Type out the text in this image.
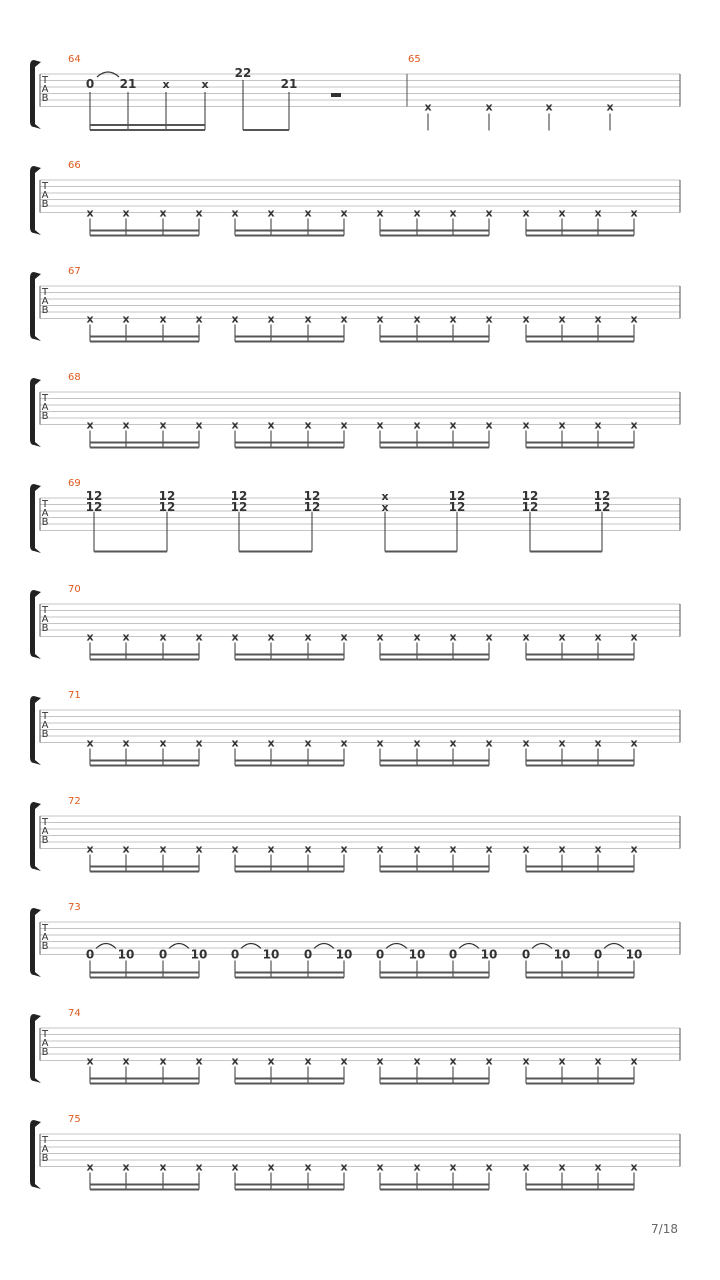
T
A
B
64	65
0 21 x	x
22
21
x	x	x	x
T
A
B
66
x	x	x	x	x	x	x	x	x	x	x	x	x	x	x	x
T
A
B
67
x	x	x	x	x	x	x	x	x	x	x	x	x	x	x	x
T
A
B
68
x	x	x	x	x	x	x	x	x	x	x	x	x	x	x	x
T
A
B
69
12
12
12
12
12
12
12
12
x
x
12
12
12
12
12
12
T
A
B
70
x	x	x	x	x	x	x	x	x	x	x	x	x	x	x	x
T
A
B
71
x	x	x	x	x	x	x	x	x	x	x	x	x	x	x	x
T
A
B
72
x	x	x	x	x	x	x	x	x	x	x	x	x	x	x	x
T
A
B
73
0 10 0 10 0 10 0 10 0 10 0 10 0 10 0 10
T
A
B
74
x	x	x	x	x	x	x	x	x	x	x	x	x	x	x	x
T
A
B
75
x	x	x	x	x	x	x	x	x	x	x	x	x	x	x	x
7/18
